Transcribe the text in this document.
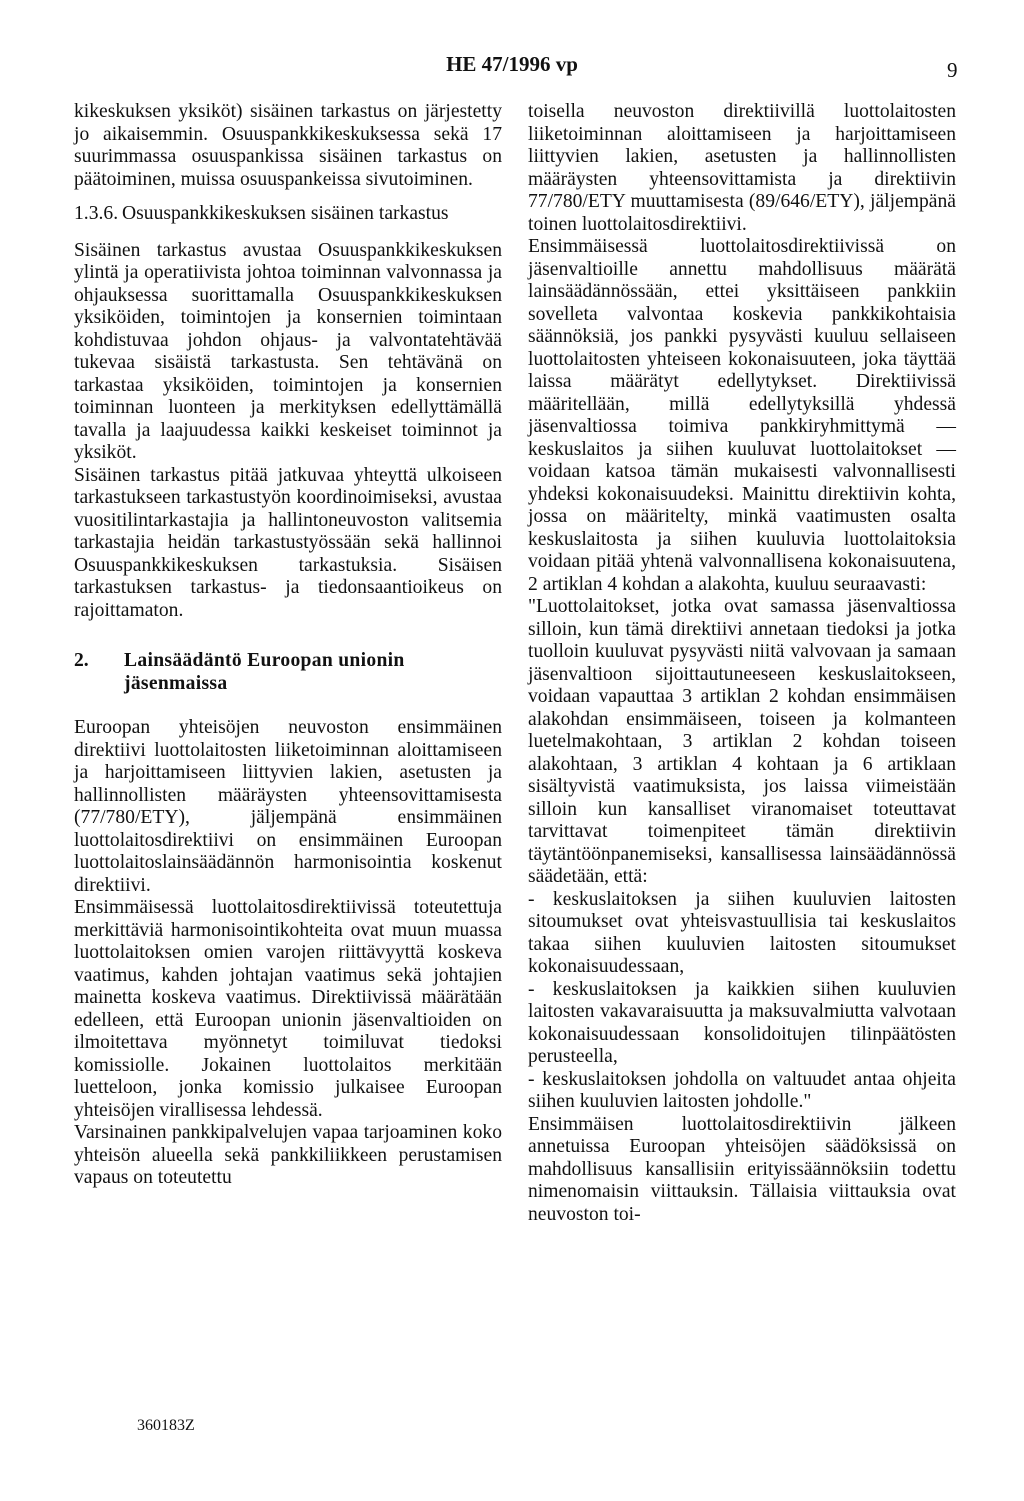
HE 47/1996 vp	9

kikeskuksen yksiköt) sisäinen tarkastus on järjestetty jo aikaisemmin. Osuuspankkikeskuksessa sekä 17 suurimmassa osuuspankissa sisäinen tarkastus on päätoiminen, muissa osuuspankeissa sivutoiminen.

1.3.6. Osuuspankkikeskuksen sisäinen tarkastus

Sisäinen tarkastus avustaa Osuuspankkikeskuksen ylintä ja operatiivista johtoa toiminnan valvonnassa ja ohjauksessa suorittamalla Osuuspankkikeskuksen yksiköiden, toimintojen ja konsernien toimintaan kohdistuvaa johdon ohjaus- ja valvontatehtävää tukevaa sisäistä tarkastusta. Sen tehtävänä on tarkastaa yksiköiden, toimintojen ja konsernien toiminnan luonteen ja merkityksen edellyttämällä tavalla ja laajuudessa kaikki keskeiset toiminnot ja yksiköt.

Sisäinen tarkastus pitää jatkuvaa yhteyttä ulkoiseen tarkastukseen tarkastustyön koordinoimiseksi, avustaa vuositilintarkastajia ja hallintoneuvoston valitsemia tarkastajia heidän tarkastustyössään sekä hallinnoi Osuuspankkikeskuksen tarkastuksia. Sisäisen tarkastuksen tarkastus- ja tiedonsaantioikeus on rajoittamaton.

2.	Lainsäädäntö Euroopan unionin jäsenmaissa

Euroopan yhteisöjen neuvoston ensimmäinen direktiivi luottolaitosten liiketoiminnan aloittamiseen ja harjoittamiseen liittyvien lakien, asetusten ja hallinnollisten määräysten yhteensovittamisesta (77/780/ETY), jäljempänä ensimmäinen luottolaitosdirektiivi on ensimmäinen Euroopan luottolaitoslainsäädännön harmonisointia koskenut direktiivi.

Ensimmäisessä luottolaitosdirektiivissä toteutettuja merkittäviä harmonisointikohteita ovat muun muassa luottolaitoksen omien varojen riittävyyttä koskeva vaatimus, kahden johtajan vaatimus sekä johtajien mainetta koskeva vaatimus. Direktiivissä määrätään edelleen, että Euroopan unionin jäsenvaltioiden on ilmoitettava myönnetyt toimiluvat tiedoksi komissiolle. Jokainen luottolaitos merkitään luetteloon, jonka komissio julkaisee Euroopan yhteisöjen virallisessa lehdessä.

Varsinainen pankkipalvelujen vapaa tarjoaminen koko yhteisön alueella sekä pankkiliikkeen perustamisen vapaus on toteutettu

toisella neuvoston direktiivillä luottolaitosten liiketoiminnan aloittamiseen ja harjoittamiseen liittyvien lakien, asetusten ja hallinnollisten määräysten yhteensovittamista ja direktiivin 77/780/ETY muuttamisesta (89/646/ETY), jäljempänä toinen luottolaitosdirektiivi.

Ensimmäisessä luottolaitosdirektiivissä on jäsenvaltioille annettu mahdollisuus määrätä lainsäädännössään, ettei yksittäiseen pankkiin sovelleta valvontaa koskevia pankkikohtaisia säännöksiä, jos pankki pysyvästi kuuluu sellaiseen luottolaitosten yhteiseen kokonaisuuteen, joka täyttää laissa määrätyt edellytykset. Direktiivissä määritellään, millä edellytyksillä yhdessä jäsenvaltiossa toimiva pankkiryhmittymä — keskuslaitos ja siihen kuuluvat luottolaitokset — voidaan katsoa tämän mukaisesti valvonnallisesti yhdeksi kokonaisuudeksi. Mainittu direktiivin kohta, jossa on määritelty, minkä vaatimusten osalta keskuslaitosta ja siihen kuuluvia luottolaitoksia voidaan pitää yhtenä valvonnallisena kokonaisuutena, 2 artiklan 4 kohdan a alakohta, kuuluu seuraavasti:

"Luottolaitokset, jotka ovat samassa jäsenvaltiossa silloin, kun tämä direktiivi annetaan tiedoksi ja jotka tuolloin kuuluvat pysyvästi niitä valvovaan ja samaan jäsenvaltioon sijoittautuneeseen keskuslaitokseen, voidaan vapauttaa 3 artiklan 2 kohdan ensimmäisen alakohdan ensimmäiseen, toiseen ja kolmanteen luetelmakohtaan, 3 artiklan 2 kohdan toiseen alakohtaan, 3 artiklan 4 kohtaan ja 6 artiklaan sisältyvistä vaatimuksista, jos laissa viimeistään silloin kun kansalliset viranomaiset toteuttavat tarvittavat toimenpiteet tämän direktiivin täytäntöönpanemiseksi, kansallisessa lainsäädännössä säädetään, että:

- keskuslaitoksen ja siihen kuuluvien laitosten sitoumukset ovat yhteisvastuullisia tai keskuslaitos takaa siihen kuuluvien laitosten sitoumukset kokonaisuudessaan,

- keskuslaitoksen ja kaikkien siihen kuuluvien laitosten vakavaraisuutta ja maksuvalmiutta valvotaan kokonaisuudessaan konsolidoitujen tilinpäätösten perusteella,

- keskuslaitoksen johdolla on valtuudet antaa ohjeita siihen kuuluvien laitosten johdolle."

Ensimmäisen luottolaitosdirektiivin jälkeen annetuissa Euroopan yhteisöjen säädöksissä on mahdollisuus kansallisiin erityissäännöksiin todettu nimenomaisin viittauksin. Tällaisia viittauksia ovat neuvoston toi-

360183Z
